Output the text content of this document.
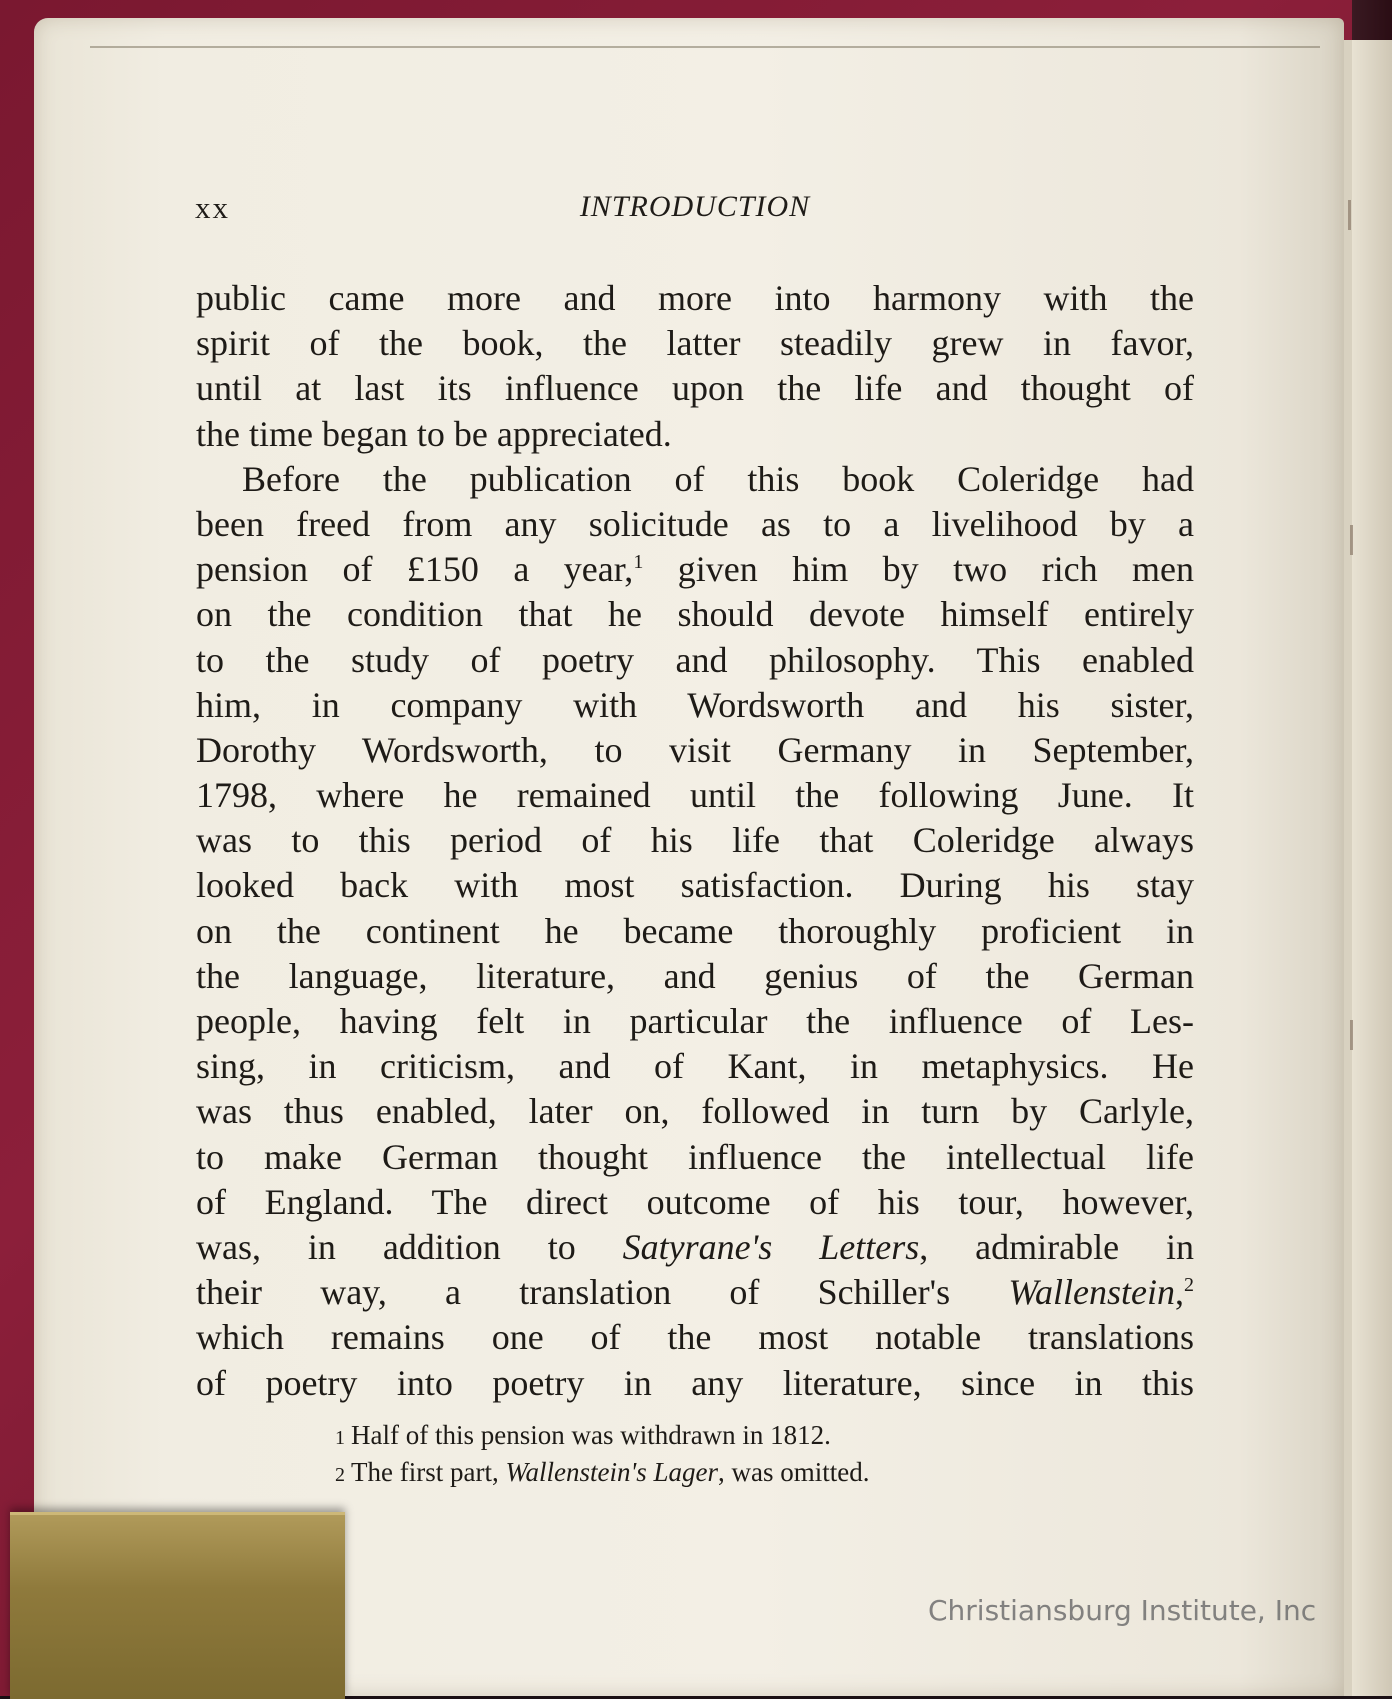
xx	INTRODUCTION
public came more and more into harmony with the
spirit of the book, the latter steadily grew in favor,
until at last its influence upon the life and thought of
the time began to be appreciated.
Before the publication of this book Coleridge had
been freed from any solicitude as to a livelihood by a
pension of £150 a year,$^1$ given him by two rich men
on the condition that he should devote himself entirely
to the study of poetry and philosophy. This enabled
him, in company with Wordsworth and his sister,
Dorothy Wordsworth, to visit Germany in September,
1798, where he remained until the following June. It
was to this period of his life that Coleridge always
looked back with most satisfaction. During his stay
on the continent he became thoroughly proficient in
the language, literature, and genius of the German
people, having felt in particular the influence of Les-
sing, in criticism, and of Kant, in metaphysics. He
was thus enabled, later on, followed in turn by Carlyle,
to make German thought influence the intellectual life
of England. The direct outcome of his tour, however,
was, in addition to Satyrane's Letters, admirable in
their way, a translation of Schiller's Wallenstein,$^2$
which remains one of the most notable translations
of poetry into poetry in any literature, since in this
1 Half of this pension was withdrawn in 1812.
2 The first part, Wallenstein's Lager, was omitted.
Christiansburg Institute, Inc
